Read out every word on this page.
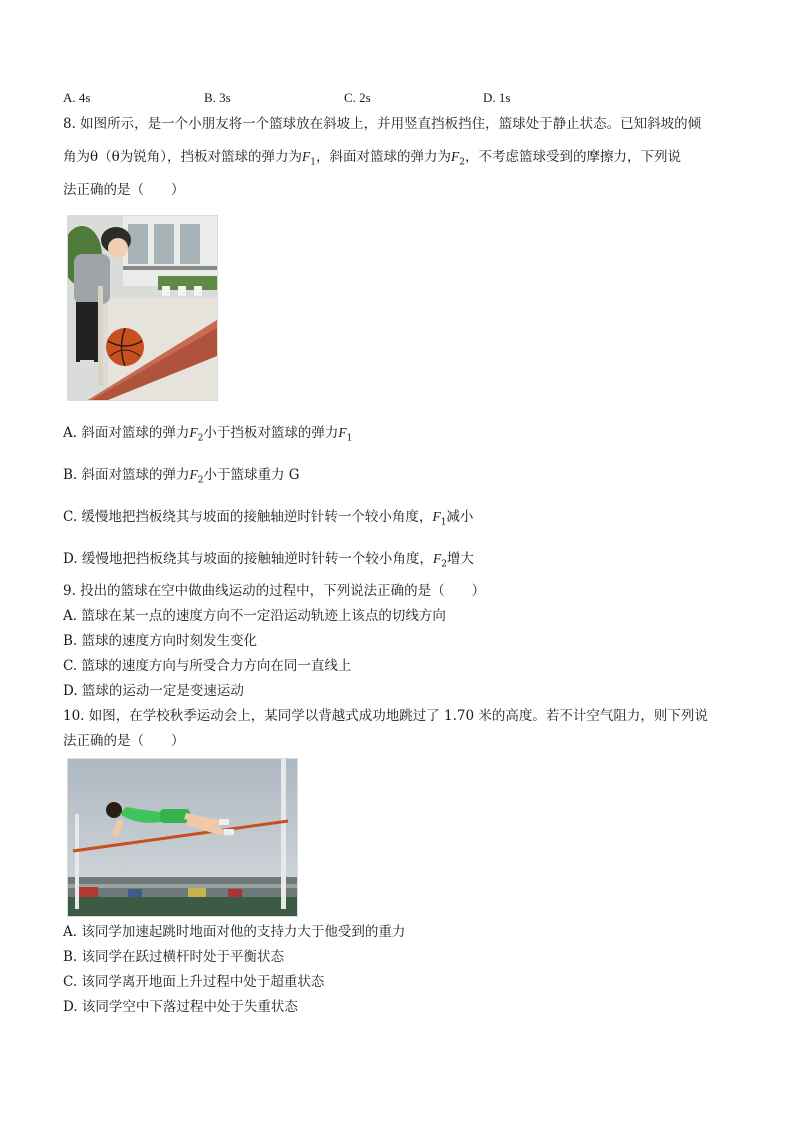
A. 4s	B. 3s	C. 2s	D. 1s
8. 如图所示，是一个小朋友将一个篮球放在斜坡上，并用竖直挡板挡住，篮球处于静止状态。已知斜坡的倾
角为θ（θ为锐角），挡板对篮球的弹力为$F_1$，斜面对篮球的弹力为$F_2$，不考虑篮球受到的摩擦力，下列说
法正确的是（　　）
A. 斜面对篮球的弹力$F_2$小于挡板对篮球的弹力$F_1$
B. 斜面对篮球的弹力$F_2$小于篮球重力 G
C. 缓慢地把挡板绕其与坡面的接触轴逆时针转一个较小角度，$F_1$减小
D. 缓慢地把挡板绕其与坡面的接触轴逆时针转一个较小角度，$F_2$增大
9. 投出的篮球在空中做曲线运动的过程中，下列说法正确的是（　　）
A. 篮球在某一点的速度方向不一定沿运动轨迹上该点的切线方向
B. 篮球的速度方向时刻发生变化
C. 篮球的速度方向与所受合力方向在同一直线上
D. 篮球的运动一定是变速运动
10. 如图，在学校秋季运动会上，某同学以背越式成功地跳过了 1.70 米的高度。若不计空气阻力，则下列说
法正确的是（　　）
A. 该同学加速起跳时地面对他的支持力大于他受到的重力
B. 该同学在跃过横杆时处于平衡状态
C. 该同学离开地面上升过程中处于超重状态
D. 该同学空中下落过程中处于失重状态
